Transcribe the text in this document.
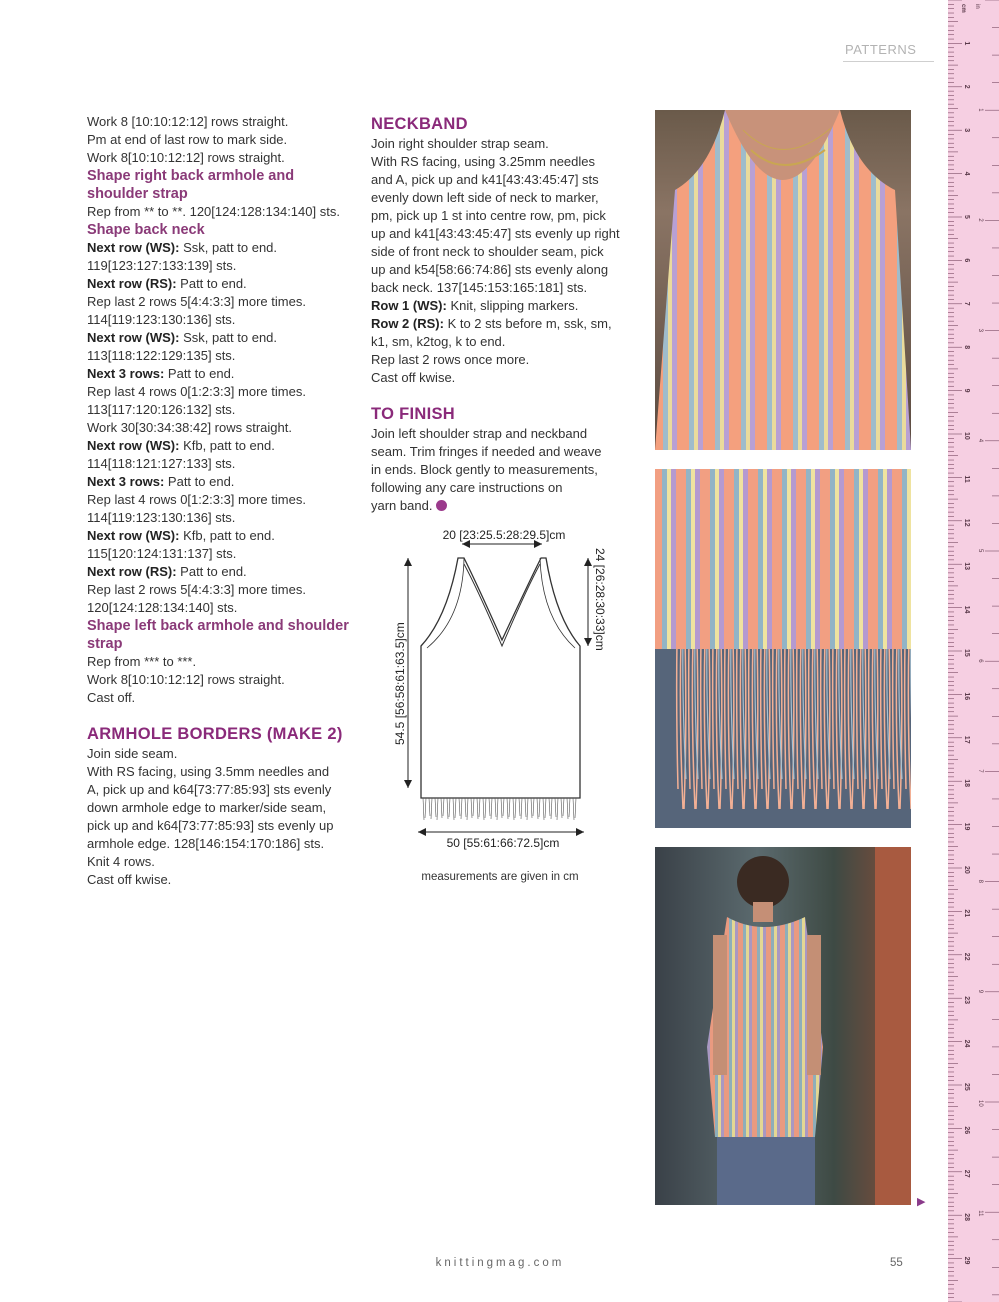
PATTERNS

Work 8 [10:10:12:12] rows straight.

Pm at end of last row to mark side.

Work 8[10:10:12:12] rows straight.

Shape right back armhole and shoulder strap

Rep from ** to **. 120[124:128:134:140] sts.

Shape back neck

Next row (WS): Ssk, patt to end.

119[123:127:133:139] sts.

Next row (RS): Patt to end.

Rep last 2 rows 5[4:4:3:3] more times.

114[119:123:130:136] sts.

Next row (WS): Ssk, patt to end.

113[118:122:129:135] sts.

Next 3 rows: Patt to end.

Rep last 4 rows 0[1:2:3:3] more times.

113[117:120:126:132] sts.

Work 30[30:34:38:42] rows straight.

Next row (WS): Kfb, patt to end.

114[118:121:127:133] sts.

Next 3 rows: Patt to end.

Rep last 4 rows 0[1:2:3:3] more times.

114[119:123:130:136] sts.

Next row (WS): Kfb, patt to end.

115[120:124:131:137] sts.

Next row (RS): Patt to end.

Rep last 2 rows 5[4:4:3:3] more times.

120[124:128:134:140] sts.

Shape left back armhole and shoulder strap

Rep from *** to ***.

Work 8[10:10:12:12] rows straight.

Cast off.

ARMHOLE BORDERS (MAKE 2)

Join side seam.

With RS facing, using 3.5mm needles and

A, pick up and k64[73:77:85:93] sts evenly

down armhole edge to marker/side seam,

pick up and k64[73:77:85:93] sts evenly up

armhole edge. 128[146:154:170:186] sts.

Knit 4 rows.

Cast off kwise.

NECKBAND

Join right shoulder strap seam.

With RS facing, using 3.25mm needles

and A, pick up and k41[43:43:45:47] sts

evenly down left side of neck to marker,

pm, pick up 1 st into centre row, pm, pick

up and k41[43:43:45:47] sts evenly up right

side of front neck to shoulder seam, pick

up and k54[58:66:74:86] sts evenly along

back neck. 137[145:153:165:181] sts.

Row 1 (WS): Knit, slipping markers.

Row 2 (RS): K to 2 sts before m, ssk, sm,

k1, sm, k2tog, k to end.

Rep last 2 rows once more.

Cast off kwise.

TO FINISH

Join left shoulder strap and neckband

seam. Trim fringes if needed and weave

in ends. Block gently to measurements,

following any care instructions on

yarn band.

20 [23:25.5:28:29.5]cm
24 [26:28:30:33]cm
54.5 [56:58:61:63.5]cm
50 [55:61:66:72.5]cm
measurements are given in cm
knittingmag.com	55
▶
1
2
3
4
5
6
7
8
9
10
11
12
13
14
15
16
17
18
19
20
21
22
23
24
25
26
27
28
29
1
2
3
4
5
6
7
8
9
10
11
cm in
